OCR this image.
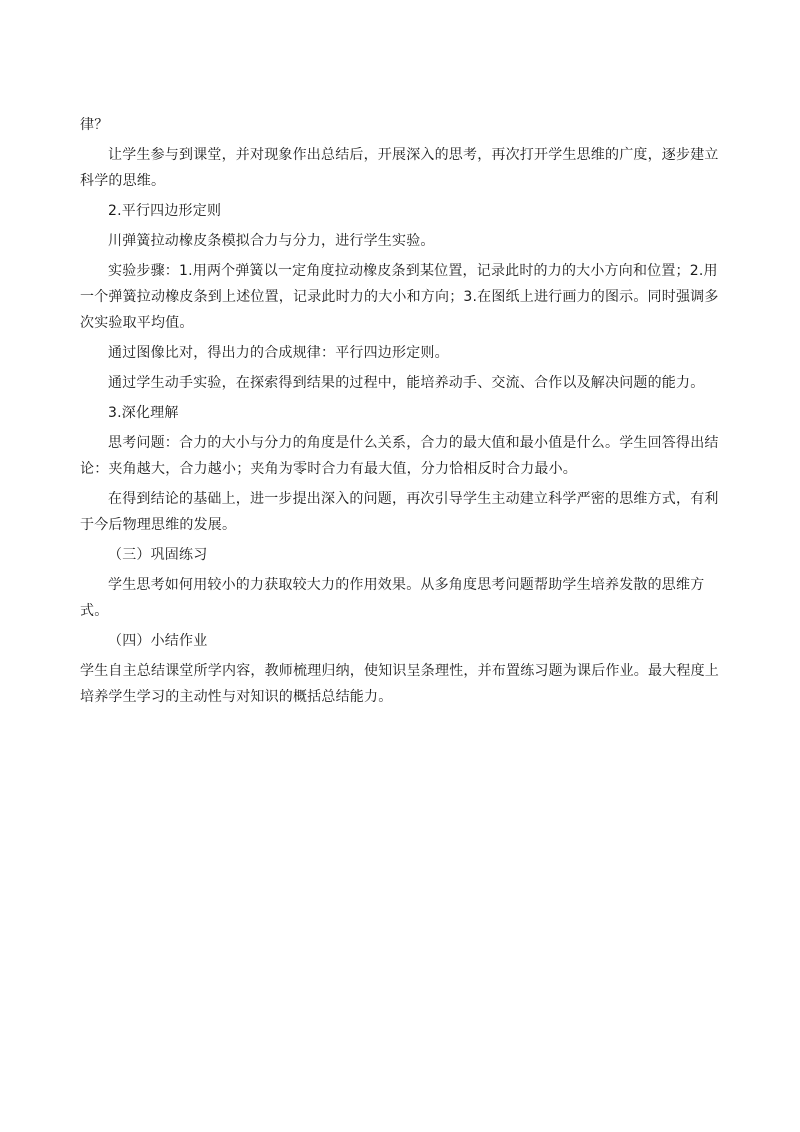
律？

让学生参与到课堂，并对现象作出总结后，开展深入的思考，再次打开学生思维的广度，逐步建立科学的思维。

2.平行四边形定则

川弹簧拉动橡皮条模拟合力与分力，进行学生实验。

实验步骤：1.用两个弹簧以一定角度拉动橡皮条到某位置，记录此时的力的大小方向和位置；2.用一个弹簧拉动橡皮条到上述位置，记录此时力的大小和方向；3.在图纸上进行画力的图示。同时强调多次实验取平均值。

通过图像比对，得出力的合成规律：平行四边形定则。

通过学生动手实验，在探索得到结果的过程中，能培养动手、交流、合作以及解决问题的能力。

3.深化理解

思考问题：合力的大小与分力的角度是什么关系，合力的最大值和最小值是什么。学生回答得出结论：夹角越大，合力越小；夹角为零时合力有最大值，分力恰相反时合力最小。

在得到结论的基础上，进一步提出深入的问题，再次引导学生主动建立科学严密的思维方式，有利于今后物理思维的发展。

（三）巩固练习

学生思考如何用较小的力获取较大力的作用效果。从多角度思考问题帮助学生培养发散的思维方式。

（四）小结作业

学生自主总结课堂所学内容，教师梳理归纳，使知识呈条理性，并布置练习题为课后作业。最大程度上培养学生学习的主动性与对知识的概括总结能力。
